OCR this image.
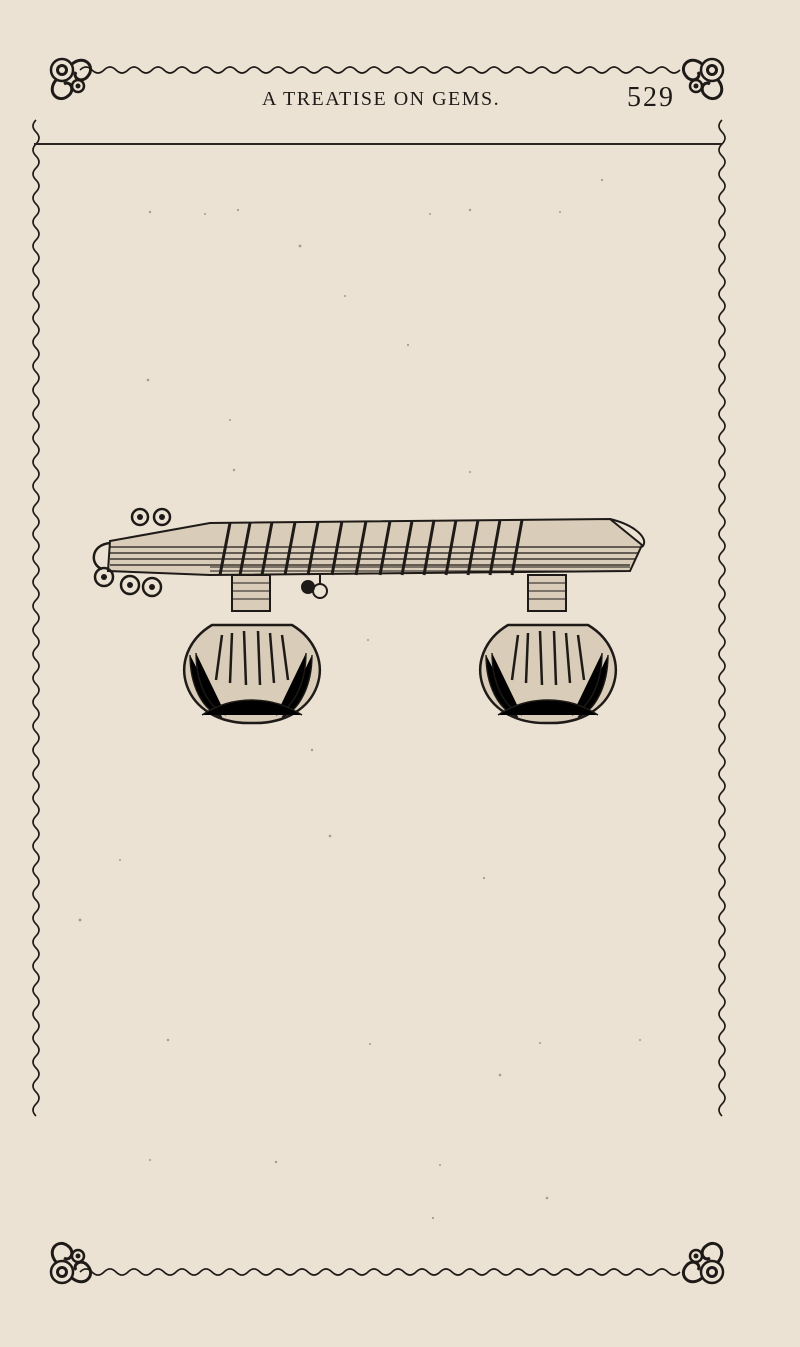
A TREATISE ON GEMS.	529
